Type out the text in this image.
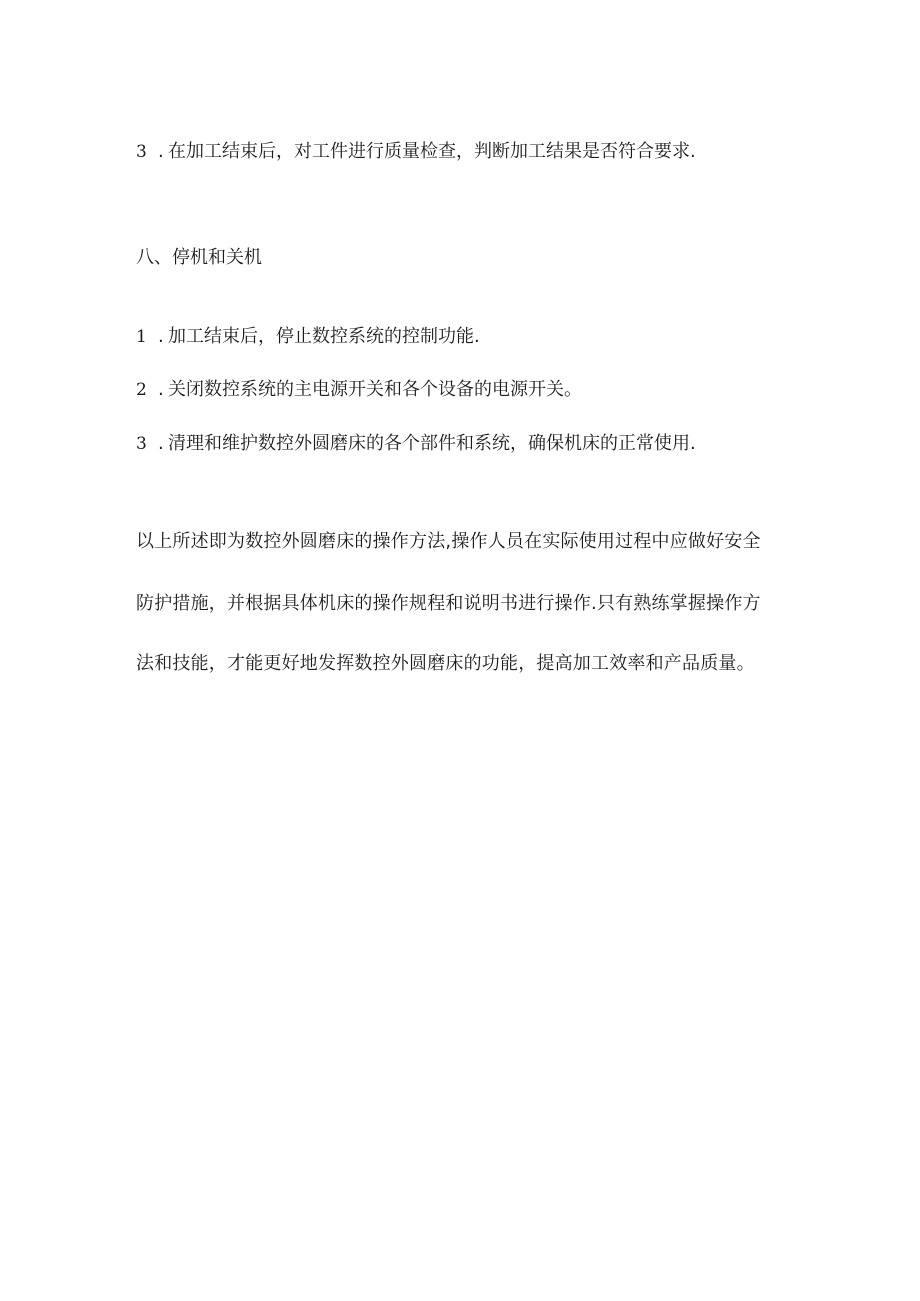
3 . 在加工结束后，对工件进行质量检查，判断加工结果是否符合要求.
八、停机和关机
1 . 加工结束后，停止数控系统的控制功能.
2 . 关闭数控系统的主电源开关和各个设备的电源开关。
3 . 清理和维护数控外圆磨床的各个部件和系统，确保机床的正常使用.
以上所述即为数控外圆磨床的操作方法,操作人员在实际使用过程中应做好安全
防护措施，并根据具体机床的操作规程和说明书进行操作.只有熟练掌握操作方
法和技能，才能更好地发挥数控外圆磨床的功能，提高加工效率和产品质量。
